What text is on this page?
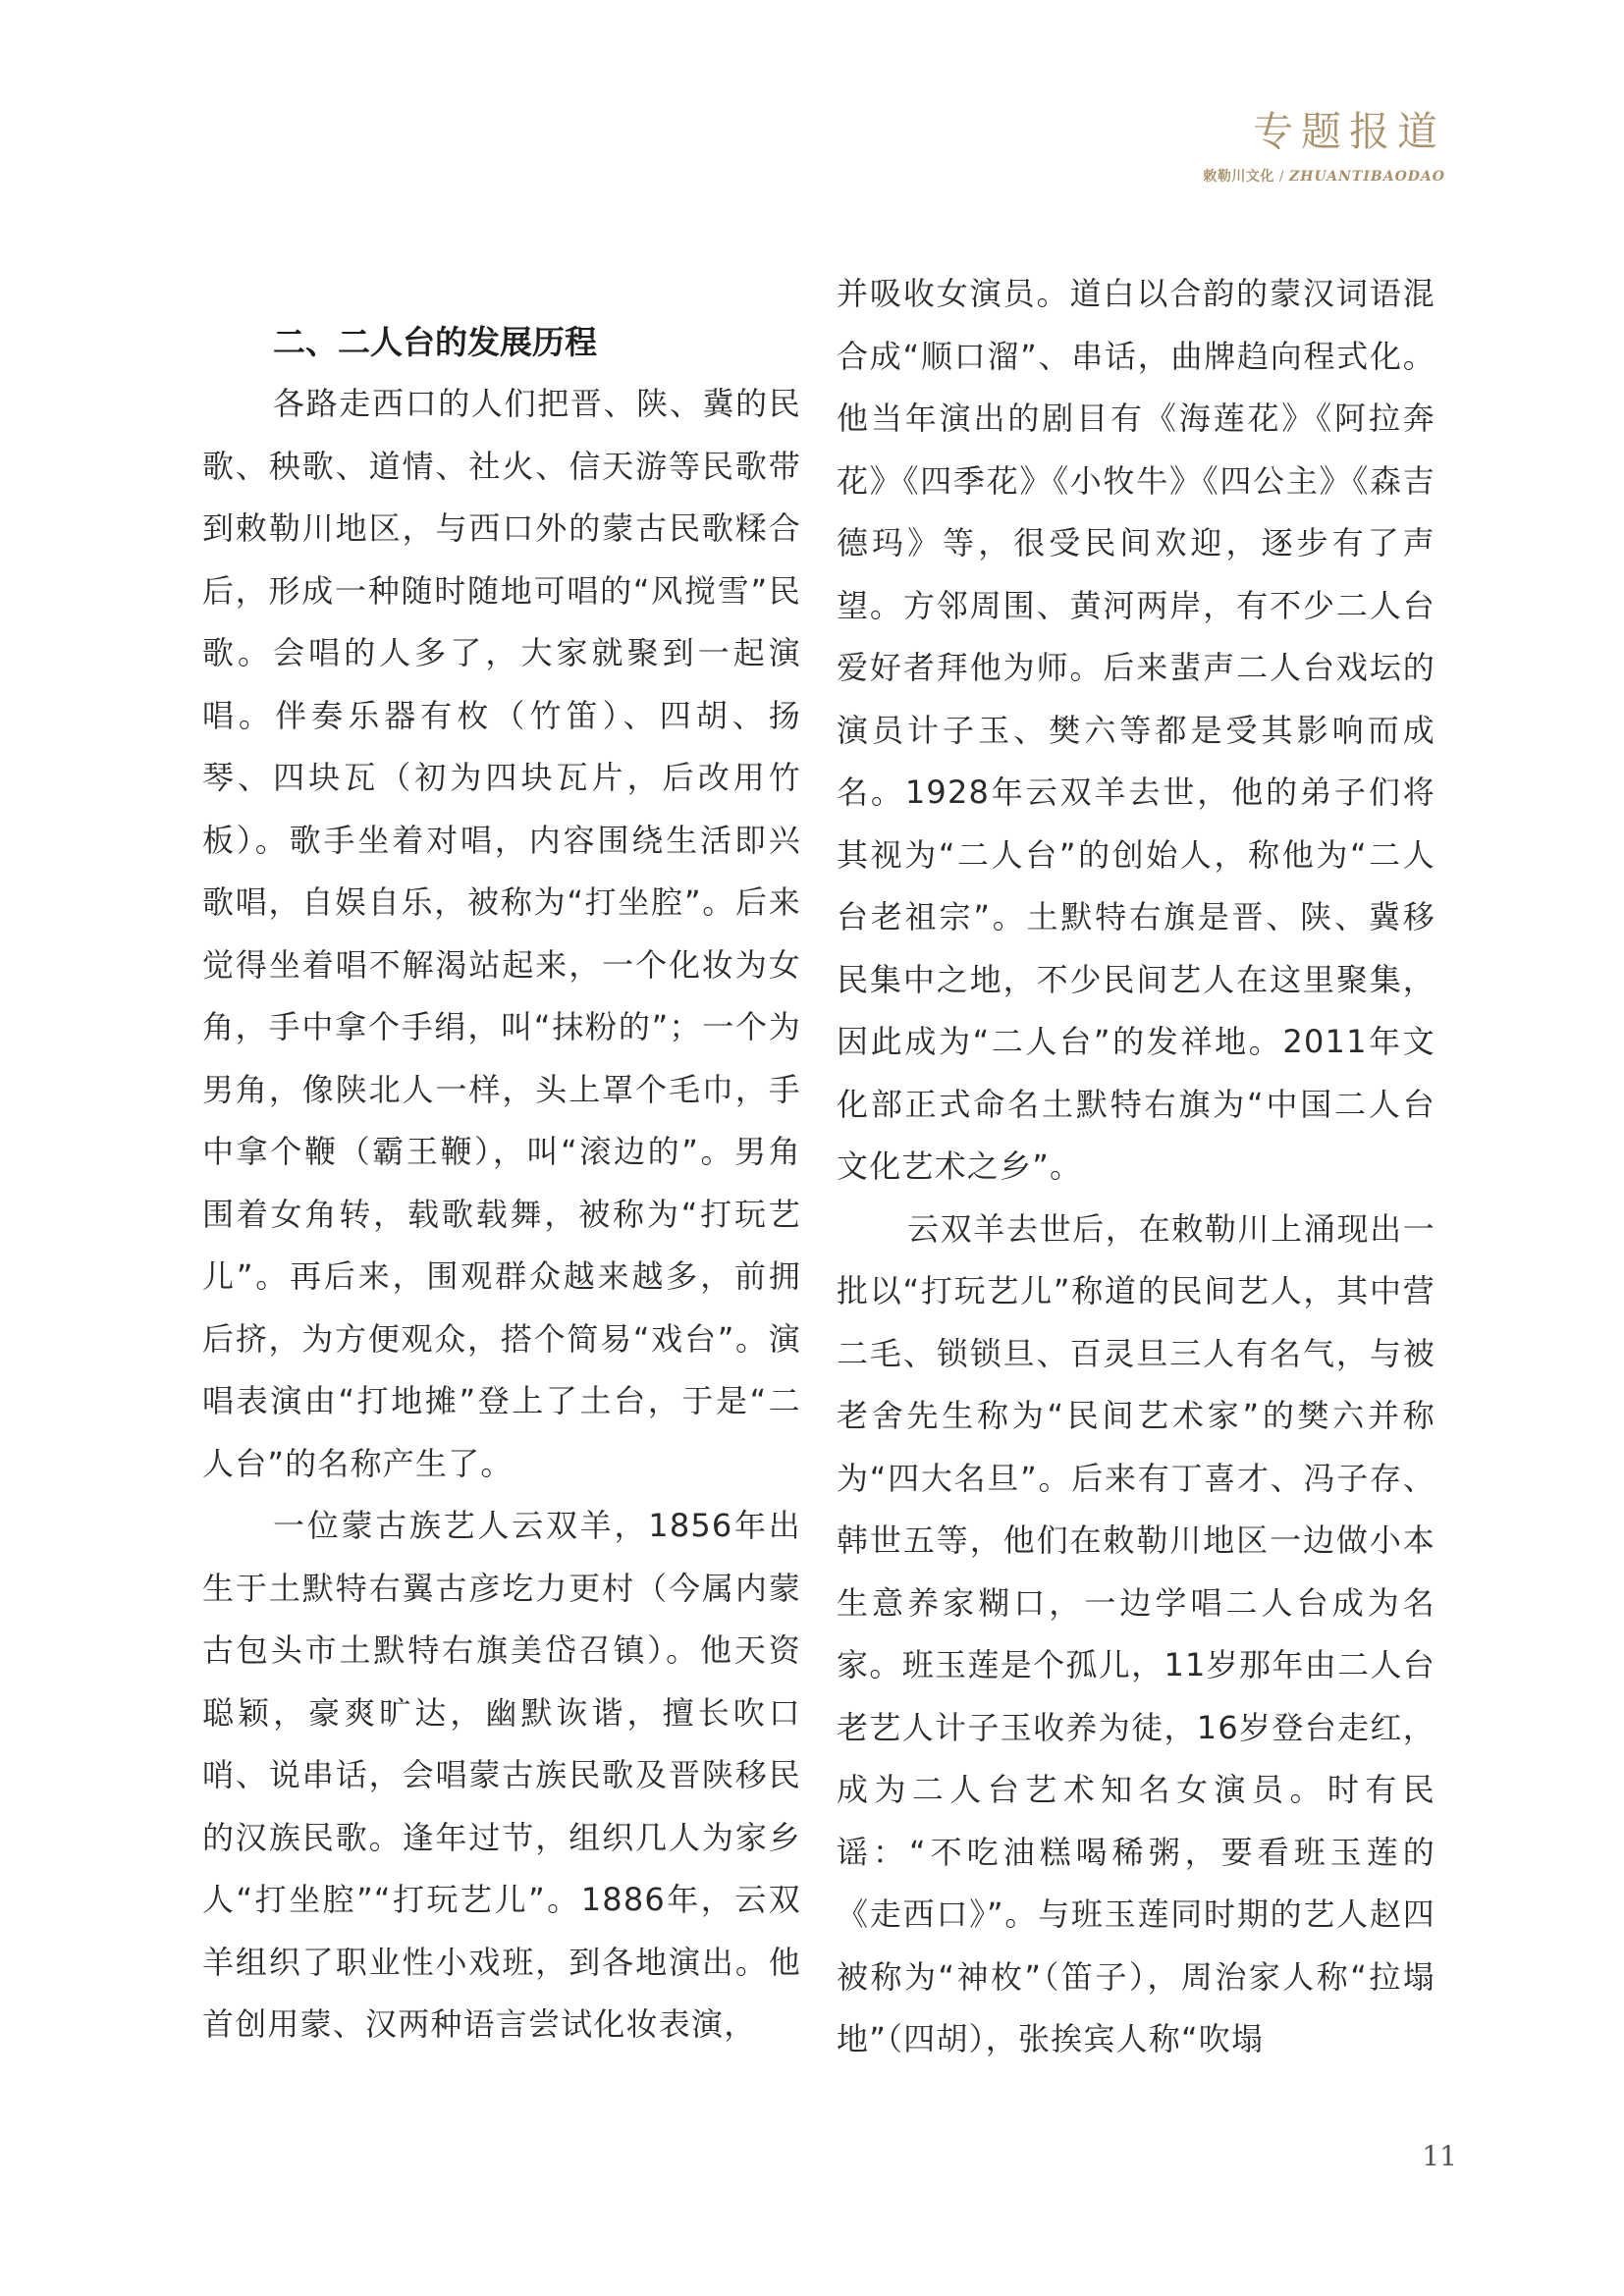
专题报道
敕勒川文化 / ZHUANTIBAODAO
二、二人台的发展历程

各路走西口的人们把晋、陕、冀的民歌、秧歌、道情、社火、信天游等民歌带到敕勒川地区，与西口外的蒙古民歌糅合后，形成一种随时随地可唱的“风搅雪”民歌。会唱的人多了，大家就聚到一起演唱。伴奏乐器有枚（竹笛）、四胡、扬琴、四块瓦（初为四块瓦片，后改用竹板）。歌手坐着对唱，内容围绕生活即兴歌唱，自娱自乐，被称为“打坐腔”。后来觉得坐着唱不解渴站起来，一个化妆为女角，手中拿个手绢，叫“抹粉的”；一个为男角，像陕北人一样，头上罩个毛巾，手中拿个鞭（霸王鞭），叫“滚边的”。男角围着女角转，载歌载舞，被称为“打玩艺儿”。再后来，围观群众越来越多，前拥后挤，为方便观众，搭个简易“戏台”。演唱表演由“打地摊”登上了土台，于是“二人台”的名称产生了。

一位蒙古族艺人云双羊，1856年出生于土默特右翼古彦圪力更村（今属内蒙古包头市土默特右旗美岱召镇）。他天资聪颖，豪爽旷达，幽默诙谐，擅长吹口哨、说串话，会唱蒙古族民歌及晋陕移民的汉族民歌。逢年过节，组织几人为家乡人“打坐腔”“打玩艺儿”。1886年，云双羊组织了职业性小戏班，到各地演出。他首创用蒙、汉两种语言尝试化妆表演，

并吸收女演员。道白以合韵的蒙汉词语混合成“顺口溜”、串话，曲牌趋向程式化。他当年演出的剧目有《海莲花》《阿拉奔花》《四季花》《小牧牛》《四公主》《森吉德玛》等，很受民间欢迎，逐步有了声望。方邻周围、黄河两岸，有不少二人台爱好者拜他为师。后来蜚声二人台戏坛的演员计子玉、樊六等都是受其影响而成名。1928年云双羊去世，他的弟子们将其视为“二人台”的创始人，称他为“二人台老祖宗”。土默特右旗是晋、陕、冀移民集中之地，不少民间艺人在这里聚集，因此成为“二人台”的发祥地。2011年文化部正式命名土默特右旗为“中国二人台文化艺术之乡”。

云双羊去世后，在敕勒川上涌现出一批以“打玩艺儿”称道的民间艺人，其中营二毛、锁锁旦、百灵旦三人有名气，与被老舍先生称为“民间艺术家”的樊六并称为“四大名旦”。后来有丁喜才、冯子存、韩世五等，他们在敕勒川地区一边做小本生意养家糊口，一边学唱二人台成为名家。班玉莲是个孤儿，11岁那年由二人台老艺人计子玉收养为徒，16岁登台走红，成为二人台艺术知名女演员。时有民谣：“不吃油糕喝稀粥，要看班玉莲的《走西口》”。与班玉莲同时期的艺人赵四被称为“神枚”（笛子），周治家人称“拉塌地”（四胡），张挨宾人称“吹塌

11
